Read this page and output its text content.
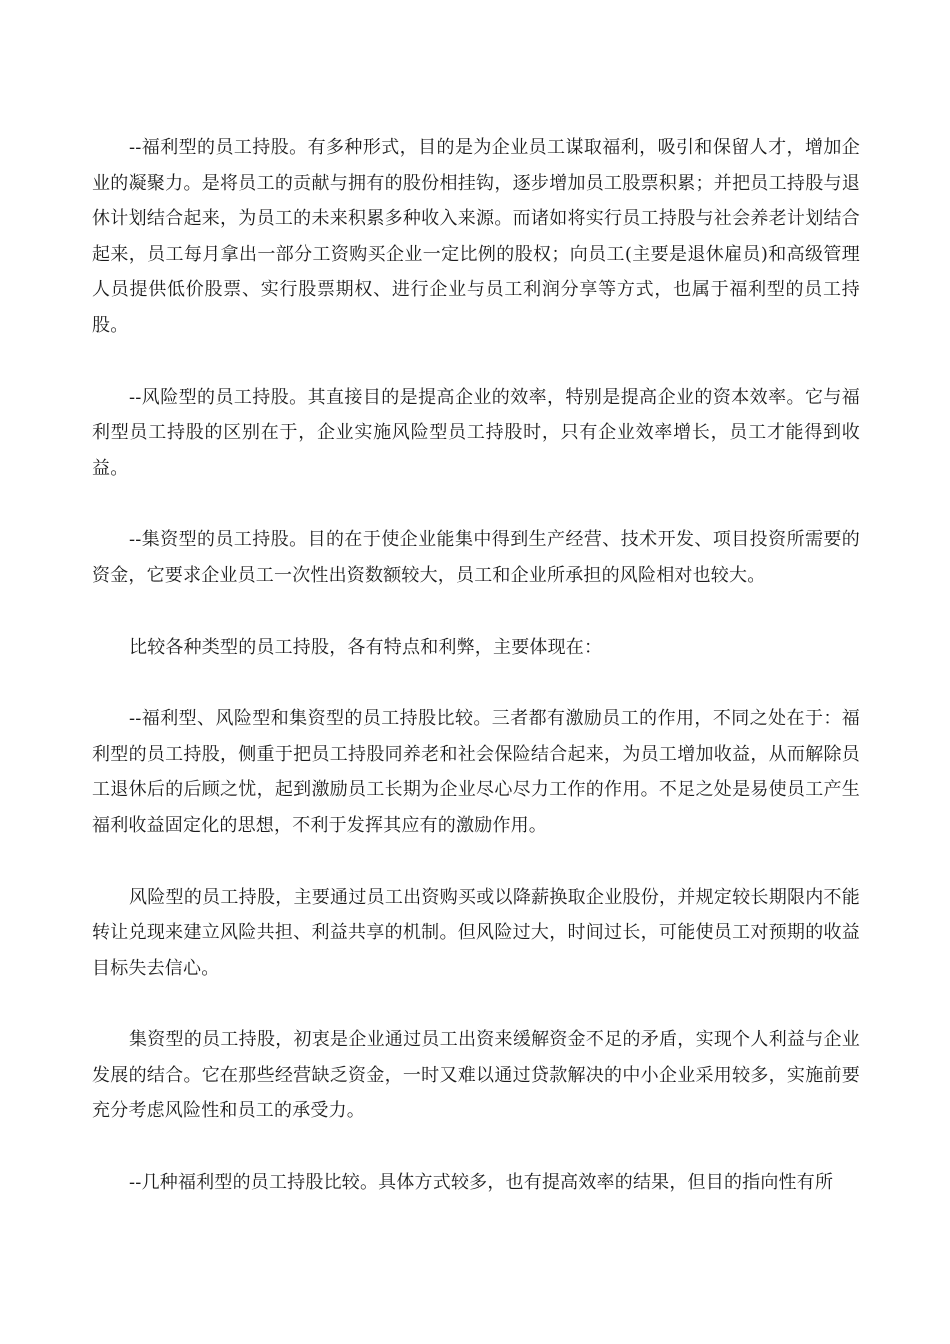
--福利型的员工持股。有多种形式，目的是为企业员工谋取福利，吸引和保留人才，增加企业的凝聚力。是将员工的贡献与拥有的股份相挂钩，逐步增加员工股票积累；并把员工持股与退休计划结合起来，为员工的未来积累多种收入来源。而诸如将实行员工持股与社会养老计划结合起来，员工每月拿出一部分工资购买企业一定比例的股权；向员工(主要是退休雇员)和高级管理人员提供低价股票、实行股票期权、进行企业与员工利润分享等方式，也属于福利型的员工持股。

--风险型的员工持股。其直接目的是提高企业的效率，特别是提高企业的资本效率。它与福利型员工持股的区别在于，企业实施风险型员工持股时，只有企业效率增长，员工才能得到收益。

--集资型的员工持股。目的在于使企业能集中得到生产经营、技术开发、项目投资所需要的资金，它要求企业员工一次性出资数额较大，员工和企业所承担的风险相对也较大。

比较各种类型的员工持股，各有特点和利弊，主要体现在：

--福利型、风险型和集资型的员工持股比较。三者都有激励员工的作用，不同之处在于：福利型的员工持股，侧重于把员工持股同养老和社会保险结合起来，为员工增加收益，从而解除员工退休后的后顾之忧，起到激励员工长期为企业尽心尽力工作的作用。不足之处是易使员工产生福利收益固定化的思想，不利于发挥其应有的激励作用。

风险型的员工持股，主要通过员工出资购买或以降薪换取企业股份，并规定较长期限内不能转让兑现来建立风险共担、利益共享的机制。但风险过大，时间过长，可能使员工对预期的收益目标失去信心。

集资型的员工持股，初衷是企业通过员工出资来缓解资金不足的矛盾，实现个人利益与企业发展的结合。它在那些经营缺乏资金，一时又难以通过贷款解决的中小企业采用较多，实施前要充分考虑风险性和员工的承受力。

--几种福利型的员工持股比较。具体方式较多，也有提高效率的结果，但目的指向性有所
